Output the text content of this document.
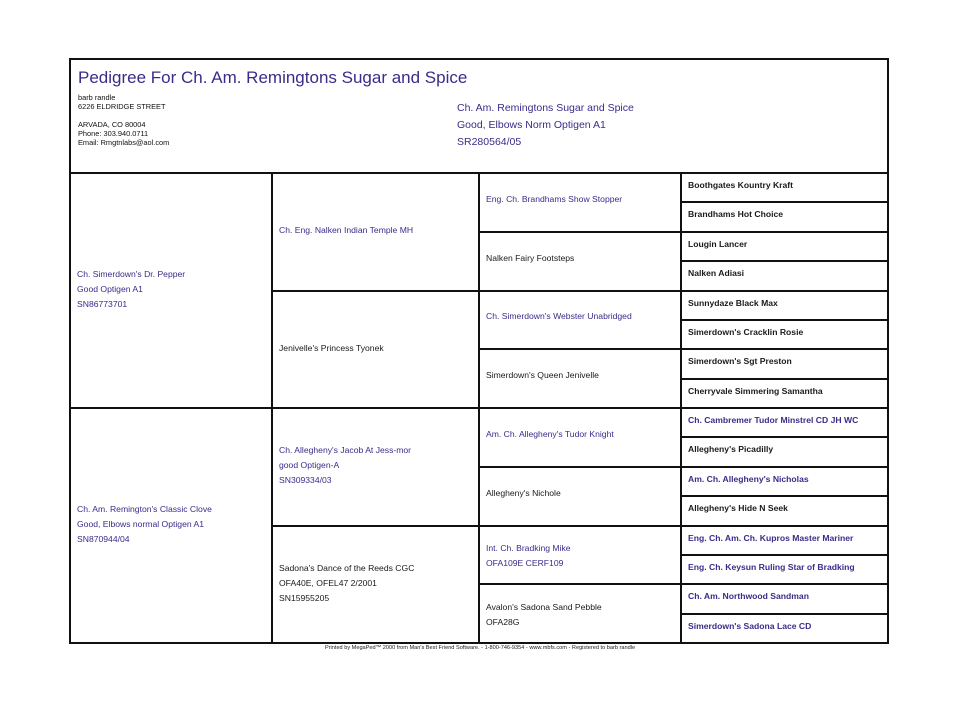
Pedigree For Ch. Am. Remingtons Sugar and Spice
barb randle
6226 ELDRIDGE STREET
ARVADA, CO 80004
Phone: 303.940.0711
Email: Rmgtnlabs@aol.com
Ch. Am. Remingtons Sugar and Spice
Good, Elbows Norm Optigen A1
SR280564/05
Ch. Simerdown's Dr. Pepper
Good Optigen A1
SN86773701
Ch. Am. Remington's Classic Clove
Good, Elbows normal Optigen A1
SN870944/04
Ch. Eng. Nalken Indian Temple MH
Jenivelle's Princess Tyonek
Ch. Allegheny's Jacob At Jess-mor
good Optigen-A
SN309334/03
Sadona's Dance of the Reeds CGC
OFA40E, OFEL47 2/2001
SN15955205
Eng. Ch. Brandhams Show Stopper
Nalken Fairy Footsteps
Ch. Simerdown's Webster Unabridged
Simerdown's Queen Jenivelle
Am. Ch. Allegheny's Tudor Knight
Allegheny's Nichole
Int. Ch. Bradking Mike
OFA109E CERF109
Avalon's Sadona Sand Pebble
OFA28G
Boothgates Kountry Kraft
Brandhams Hot Choice
Lougin Lancer
Nalken Adiasi
Sunnydaze Black Max
Simerdown's Cracklin Rosie
Simerdown's Sgt Preston
Cherryvale Simmering Samantha
Ch. Cambremer Tudor Minstrel CD JH WC
Allegheny's Picadilly
Am. Ch. Allegheny's Nicholas
Allegheny's Hide N Seek
Eng. Ch. Am. Ch. Kupros Master Mariner
Eng. Ch. Keysun Ruling Star of Bradking
Ch. Am. Northwood Sandman
Simerdown's Sadona Lace CD
Printed by MegaPed™ 2000 from Man's Best Friend Software. - 1-800-746-9354 - www.mbfs.com - Registered to barb randle
